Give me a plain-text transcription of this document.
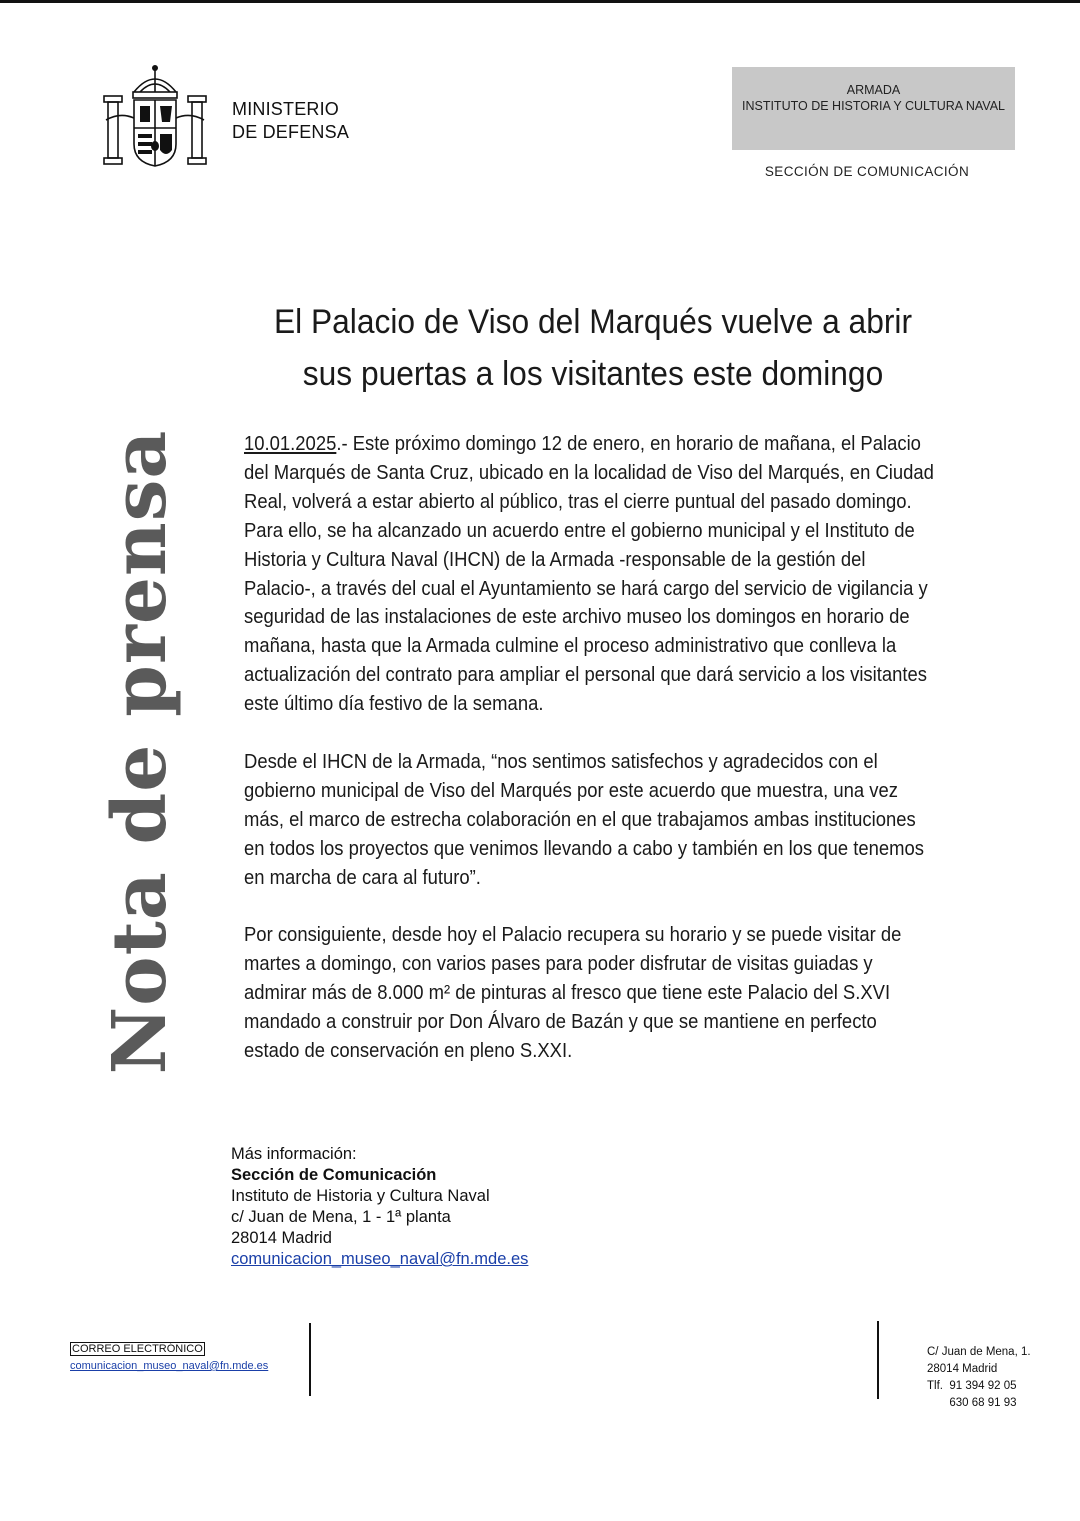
MINISTERIO
DE DEFENSA
ARMADA
INSTITUTO DE HISTORIA Y CULTURA NAVAL
SECCIÓN DE COMUNICACIÓN
Nota de prensa
El Palacio de Viso del Marqués vuelve a abrir
sus puertas a los visitantes este domingo

10.01.2025.- Este próximo domingo 12 de enero, en horario de mañana, el Palacio del Marqués de Santa Cruz, ubicado en la localidad de Viso del Marqués, en Ciudad Real, volverá a estar abierto al público, tras el cierre puntual del pasado domingo. Para ello, se ha alcanzado un acuerdo entre el gobierno municipal y el Instituto de Historia y Cultura Naval (IHCN) de la Armada -responsable de la gestión del Palacio-, a través del cual el Ayuntamiento se hará cargo del servicio de vigilancia y seguridad de las instalaciones de este archivo museo los domingos en horario de mañana, hasta que la Armada culmine el proceso administrativo que conlleva la actualización del contrato para ampliar el personal que dará servicio a los visitantes este último día festivo de la semana.

Desde el IHCN de la Armada, “nos sentimos satisfechos y agradecidos con el gobierno municipal de Viso del Marqués por este acuerdo que muestra, una vez más, el marco de estrecha colaboración en el que trabajamos ambas instituciones en todos los proyectos que venimos llevando a cabo y también en los que tenemos en marcha de cara al futuro”.

Por consiguiente, desde hoy el Palacio recupera su horario y se puede visitar de martes a domingo, con varios pases para poder disfrutar de visitas guiadas y admirar más de 8.000 m² de pinturas al fresco que tiene este Palacio del S.XVI mandado a construir por Don Álvaro de Bazán y que se mantiene en perfecto estado de conservación en pleno S.XXI.

Más información:
Sección de Comunicación
Instituto de Historia y Cultura Naval
c/ Juan de Mena, 1 - 1ª planta
28014 Madrid
comunicacion_museo_naval@fn.mde.es
CORREO ELECTRÓNICO
comunicacion_museo_naval@fn.mde.es
C/ Juan de Mena, 1.
28014 Madrid
Tlf.  91 394 92 05
630 68 91 93
